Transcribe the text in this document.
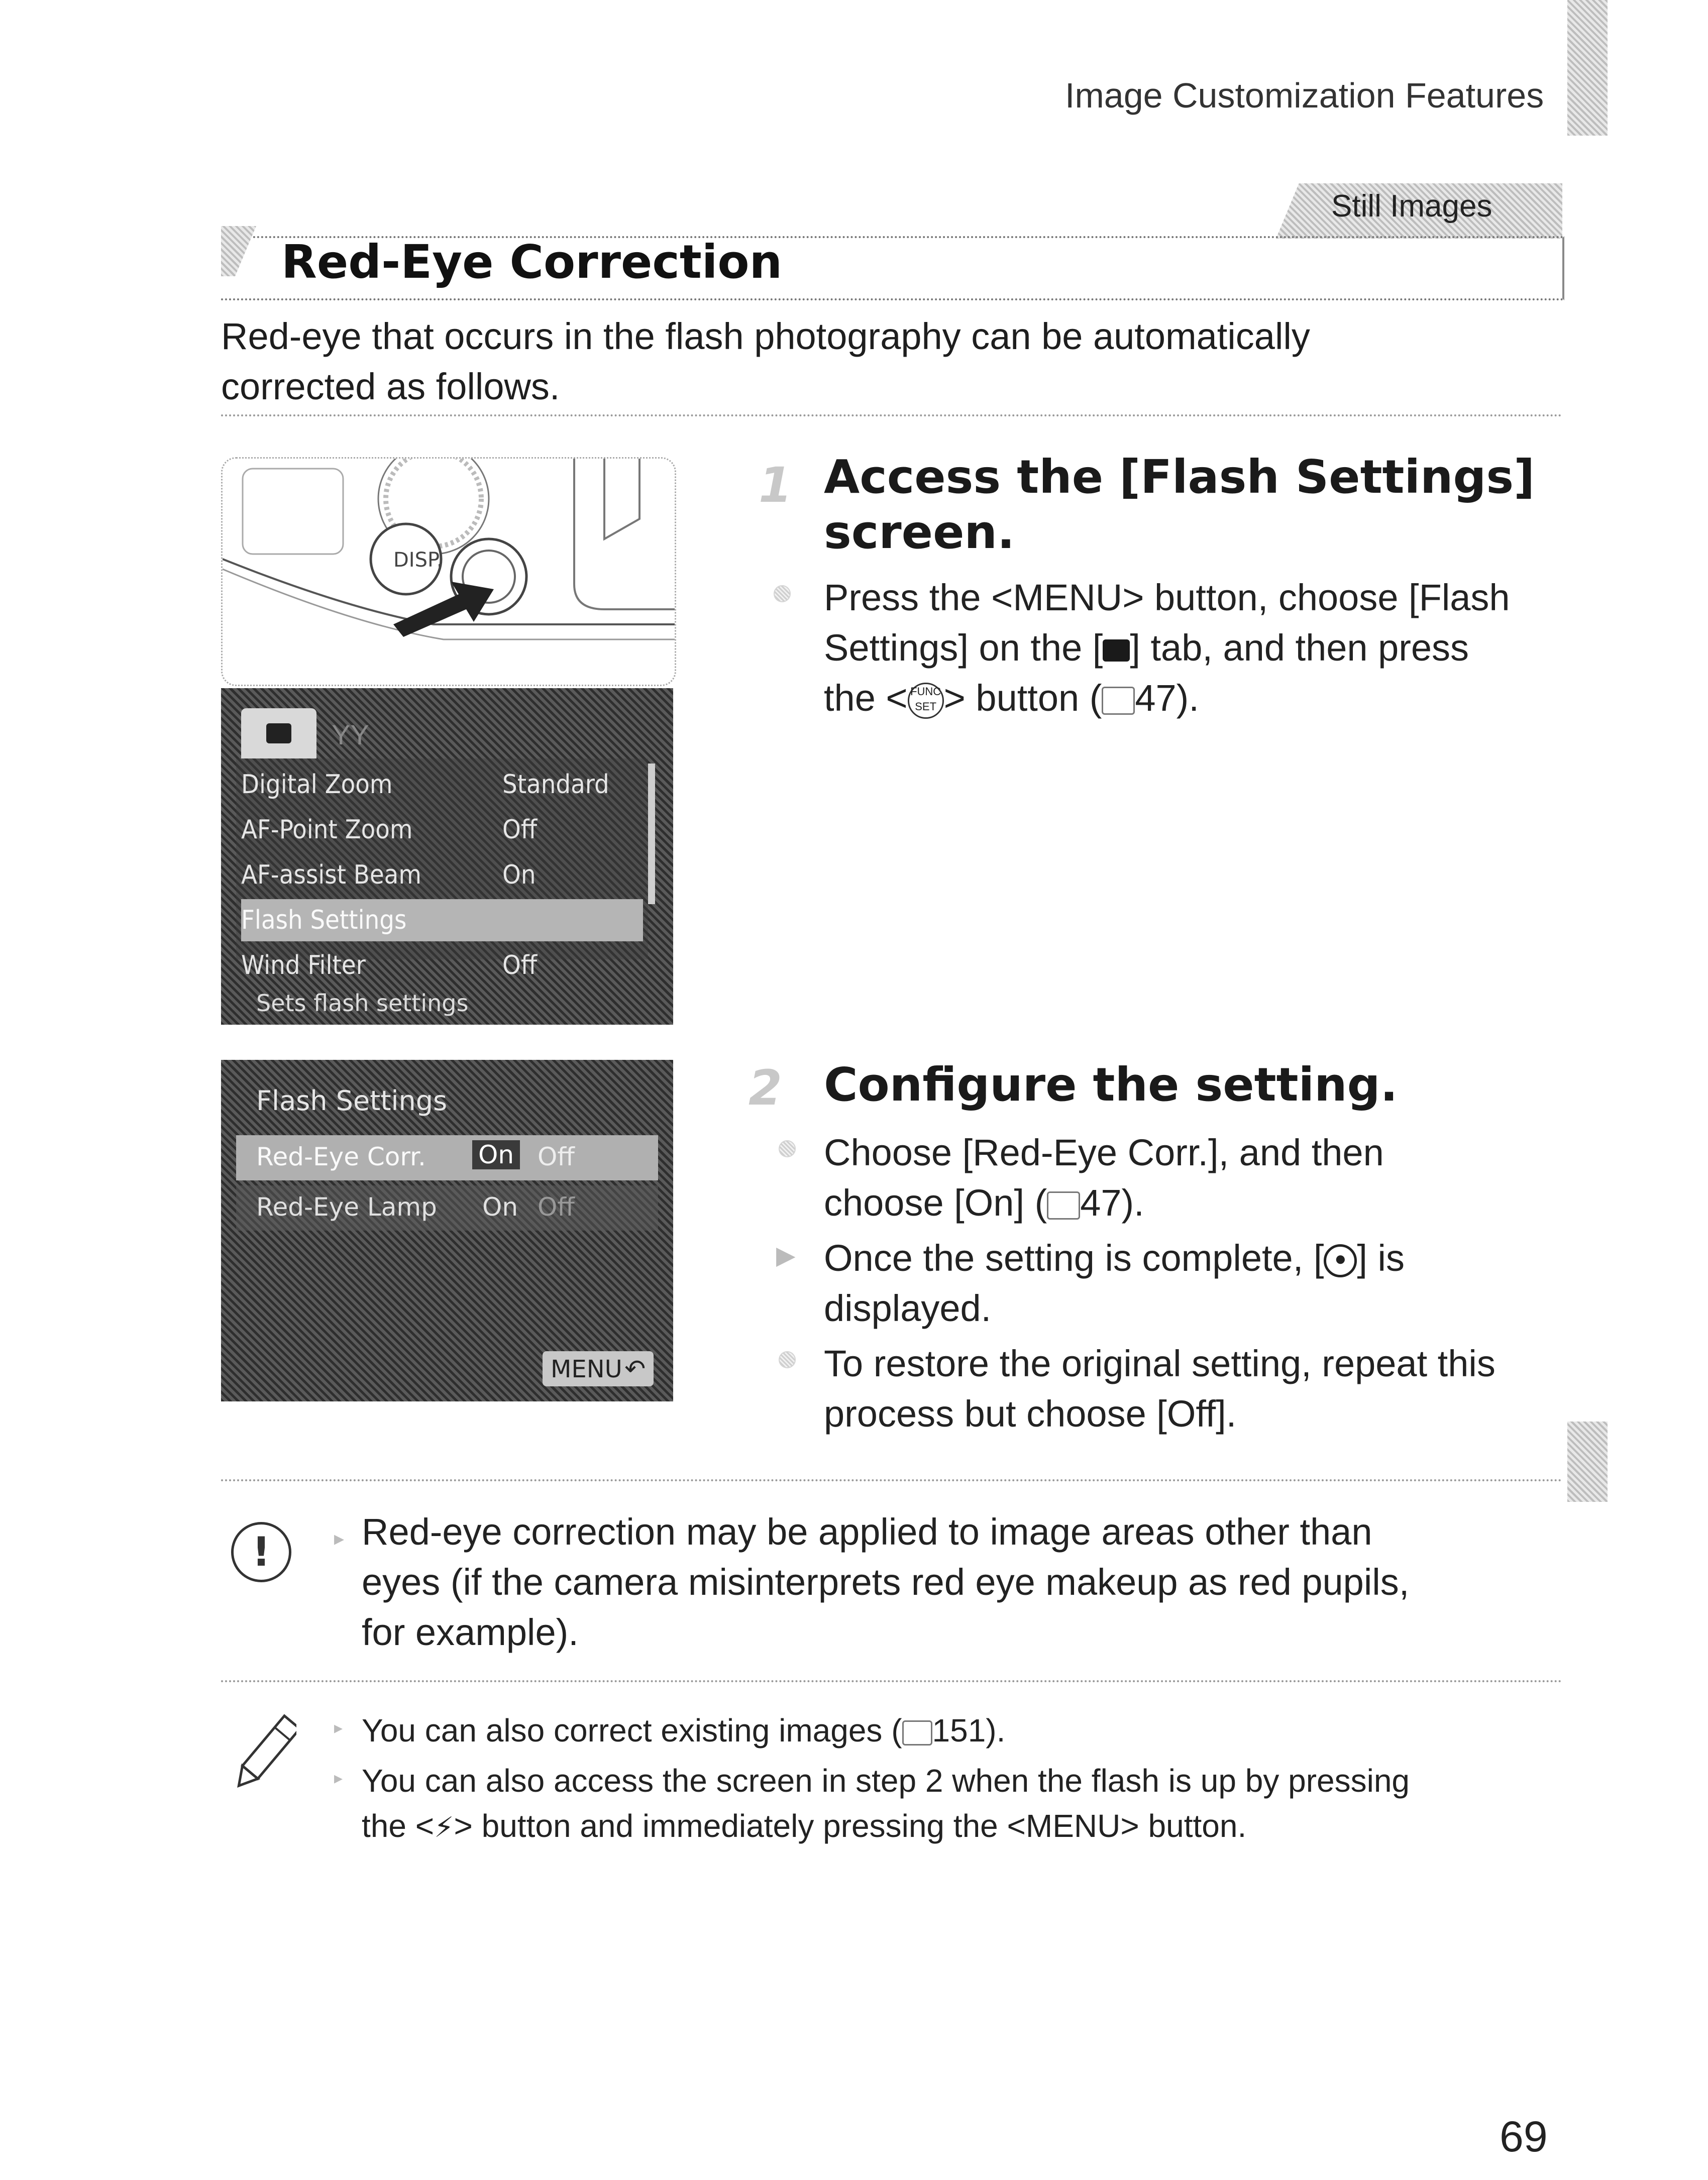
Image Customization Features
Still Images
Red-Eye Correction
Red-eye that occurs in the flash photography can be automatically
corrected as follows.
DISP.
ΥΥ
Digital Zoom	Standard
AF-Point Zoom	Off
AF-assist Beam	On
Flash Settings
Wind Filter	Off
Sets flash settings
Flash Settings
Red-Eye Corr. On Off
Red-Eye Lamp On Off
MENU ↶
1 Access the [Flash Settings]
screen.
Press the <MENU> button, choose [Flash
Settings] on the [ ] tab, and then press
the < FUNC
SET > button ( 47).
2 Configure the setting.
Choose [Red-Eye Corr.], and then
choose [On] ( 47).
▶ Once the setting is complete, [ ● ] is
displayed.
To restore the original setting, repeat this
process but choose [Off].
!	▸ Red-eye correction may be applied to image areas other than
eyes (if the camera misinterprets red eye makeup as red pupils,
for example).
▸ You can also correct existing images ( 151).
▸ You can also access the screen in step 2 when the flash is up by pressing
the <⚡> button and immediately pressing the <MENU> button.
69
